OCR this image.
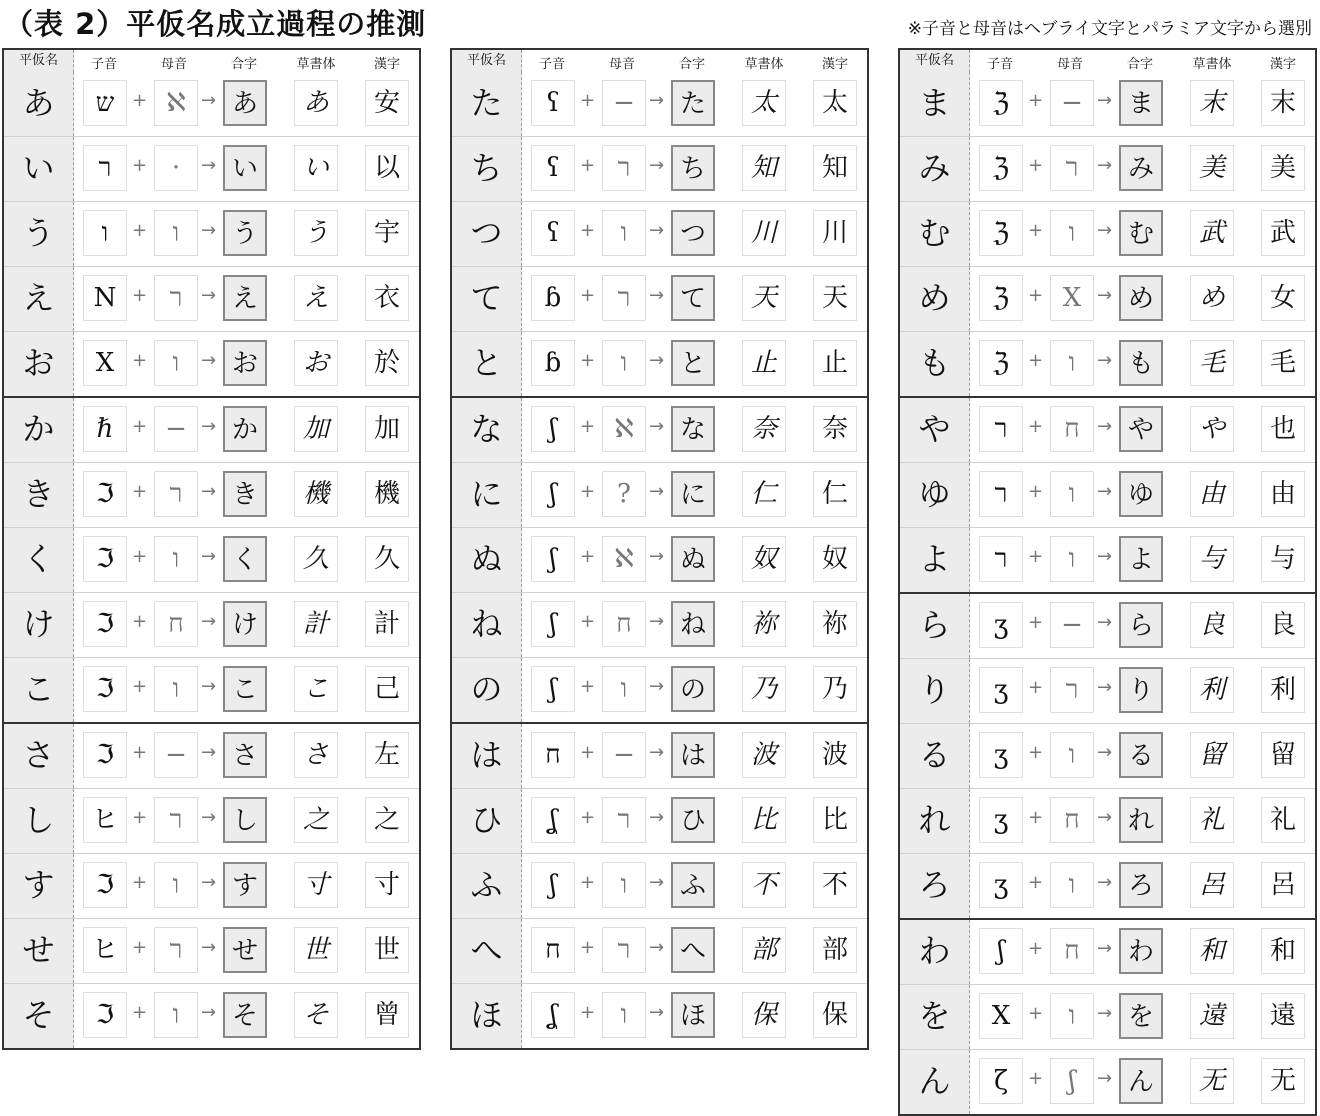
（表 2）平仮名成立過程の推測	※子音と母音はヘブライ文字とパラミア文字から選別
平仮名	子音	母音	合字	草書体	漢字
あ	ש + ℵ → あ	あ	安
い	ר	+ ·	→ い	い	以
う	ו	+ ו	→ う	う	宇
え	N + ר	→ え	え	衣
お	X + ו	→ お	お	於
か	ℏ	+ − → か	加	加
き	ℑ + ר	→ き	機	機
く	ℑ + ו	→ く	久	久
け	ℑ + ח → け	計	計
こ	ℑ + ו	→ こ	こ	己
さ	ℑ + − → さ	さ	左
し	ヒ + ר	→ し	之	之
す	ℑ + ו	→ す	寸	寸
せ	ヒ + ר	→ せ	世	世
そ	ℑ + ו	→ そ	そ	曾
平仮名	子音	母音	合字	草書体	漢字
た	ʕ	+ − → た	太	太
ち	ʕ	+ ר	→ ち	知	知
つ	ʕ	+ ו	→ つ	川	川
て	ɓ	+ ר	→ て	天	天
と	ɓ	+ ו	→ と	止	止
な	ʃ	+ ℵ → な	奈	奈
に	ʃ	+ ?	→ に	仁	仁
ぬ	ʃ	+ ℵ → ぬ	奴	奴
ね	ʃ	+ ח → ね	祢	祢
の	ʃ	+ ו	→ の	乃	乃
は	ח	+ − → は	波	波
ひ	ʆ	+ ר	→ ひ	比	比
ふ	ʃ	+ ו	→ ふ	不	不
へ	ח	+ ר	→ へ	部	部
ほ	ʆ	+ ו	→ ほ	保	保
平仮名	子音	母音	合字	草書体	漢字
ま	ℨ	+ − → ま	末	末
み	ℨ	+ ר	→ み	美	美
む	ℨ	+ ו	→ む	武	武
め	ℨ	+ X → め	め	女
も	ℨ	+ ו	→ も	毛	毛
や	ר	+ ח → や	や	也
ゆ	ר	+ ו	→ ゆ	由	由
よ	ר	+ ו	→ よ	与	与
ら	ʒ	+ − → ら	良	良
り	ʒ	+ ר	→ り	利	利
る	ʒ	+ ו	→ る	留	留
れ	ʒ	+ ח → れ	礼	礼
ろ	ʒ	+ ו	→ ろ	呂	呂
わ	ʃ	+ ח → わ	和	和
を	X + ו	→ を	遠	遠
ん	ζ	+ ʃ	→ ん	无	无
